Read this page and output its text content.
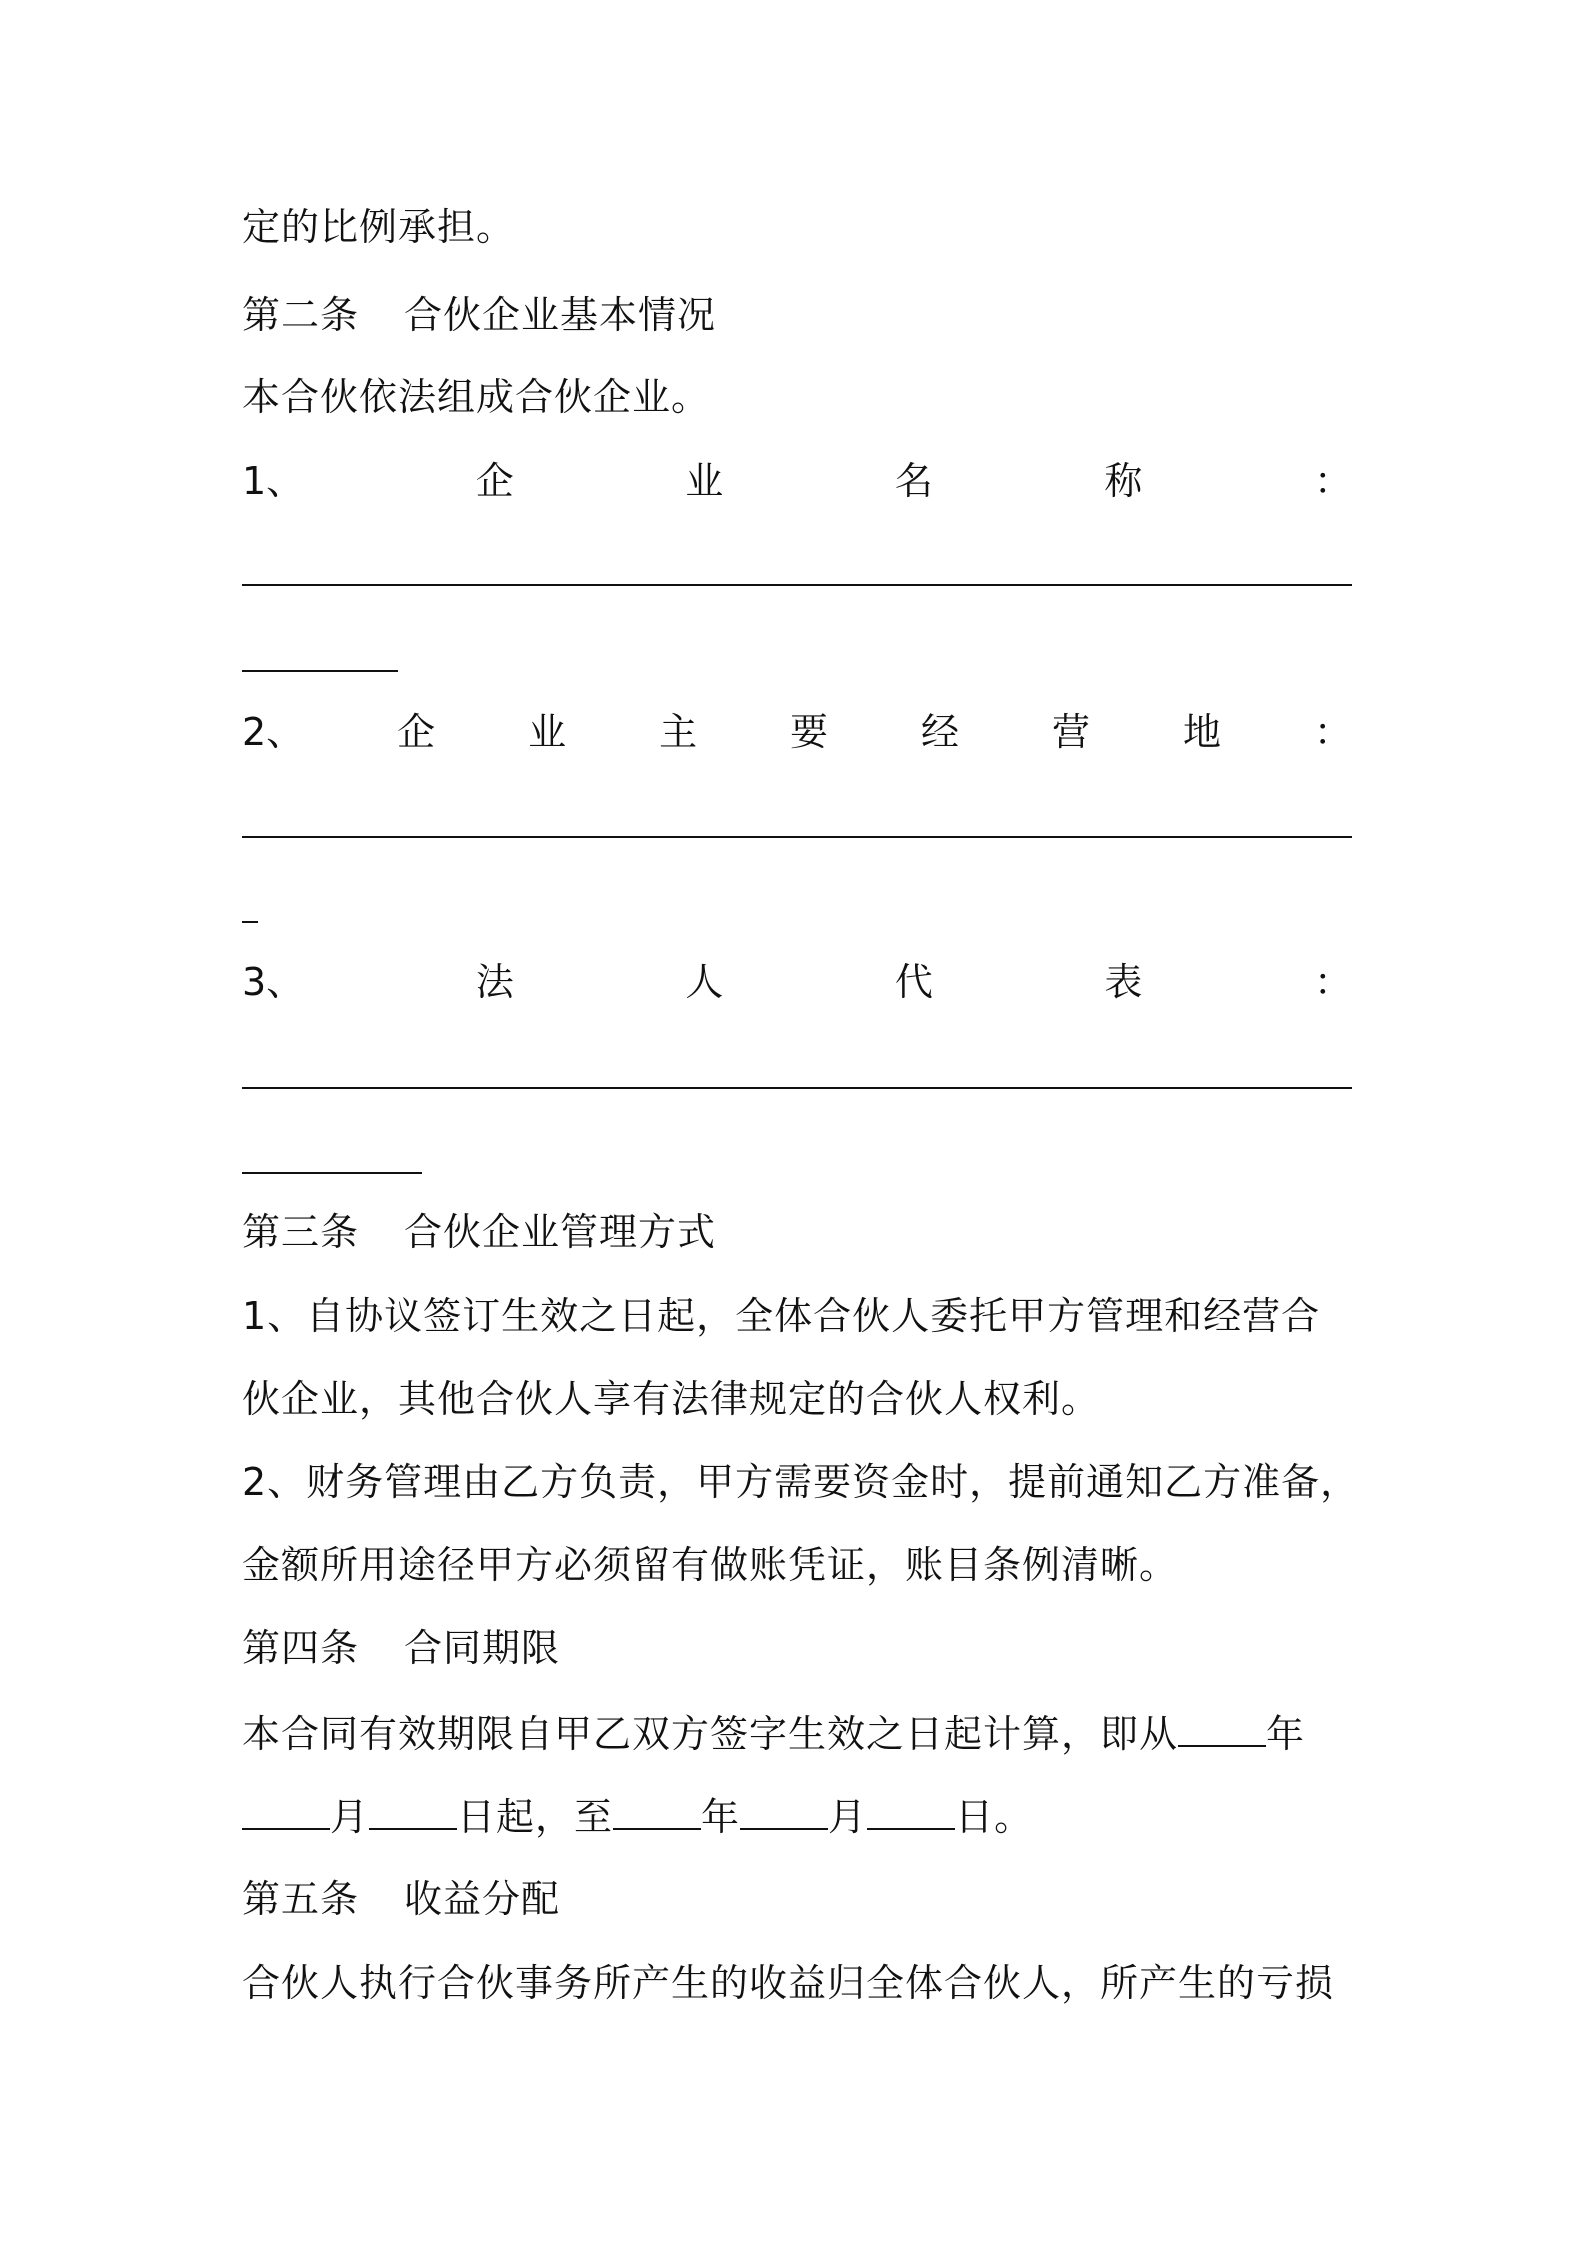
定的比例承担。
第二条 合伙企业基本情况
本合伙依法组成合伙企业。
1、	企	业	名	称	：
2、 企 业 主 要 经 营 地 ：
3、	法	人	代	表	：
第三条 合伙企业管理方式
1、自协议签订生效之日起，全体合伙人委托甲方管理和经营合
伙企业，其他合伙人享有法律规定的合伙人权利。
2、财务管理由乙方负责，甲方需要资金时，提前通知乙方准备，
金额所用途径甲方必须留有做账凭证，账目条例清晰。
第四条 合同期限
本合同有效期限自甲乙双方签字生效之日起计算，即从 年
月 日起，至 年 月 日。
第五条 收益分配
合伙人执行合伙事务所产生的收益归全体合伙人，所产生的亏损
